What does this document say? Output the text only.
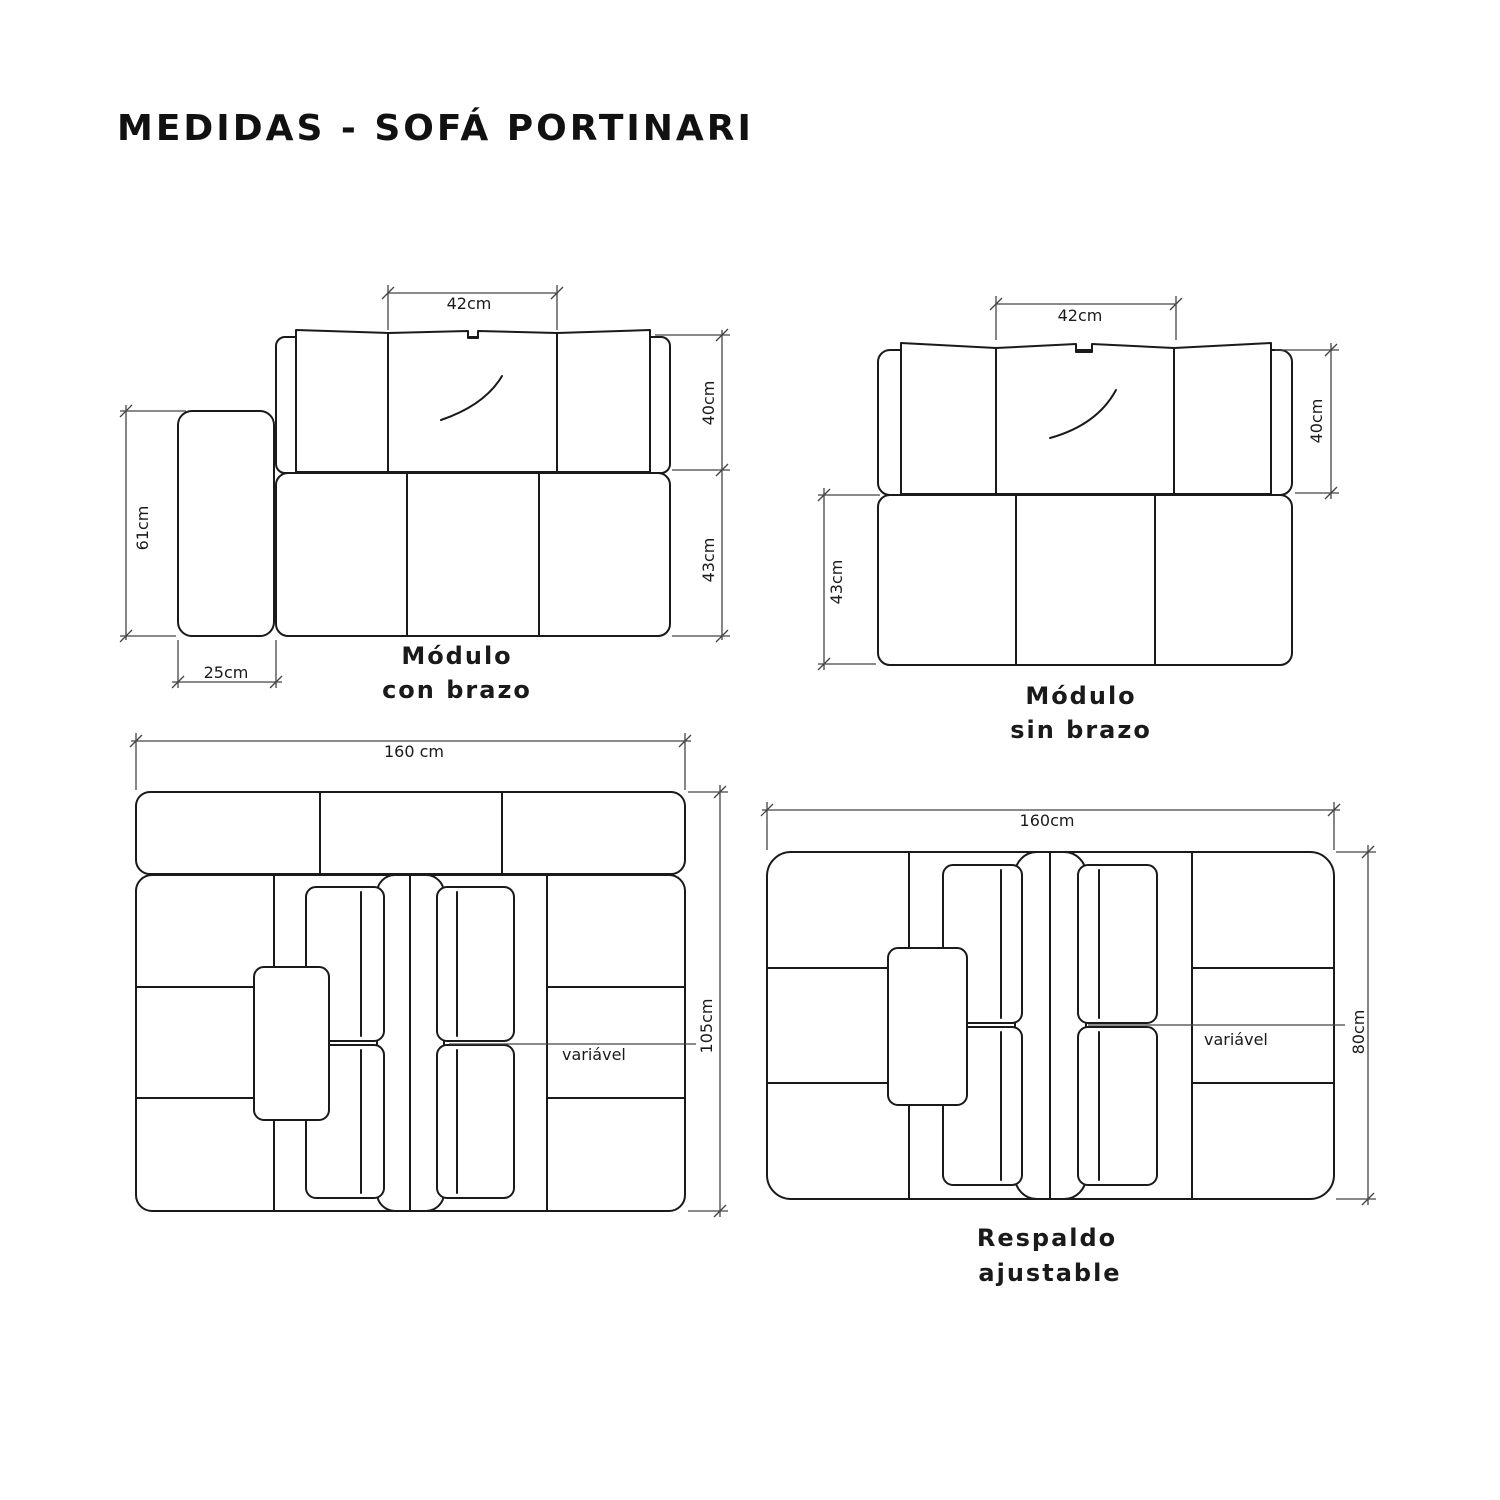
MEDIDAS - SOFÁ PORTINARI
42cm
40cm
43cm
61cm
25cm
Módulo
con brazo
42cm
40cm
43cm
Módulo
sin brazo
variável
160 cm
105cm	variável
160cm
80cm
Respaldo
ajustable
